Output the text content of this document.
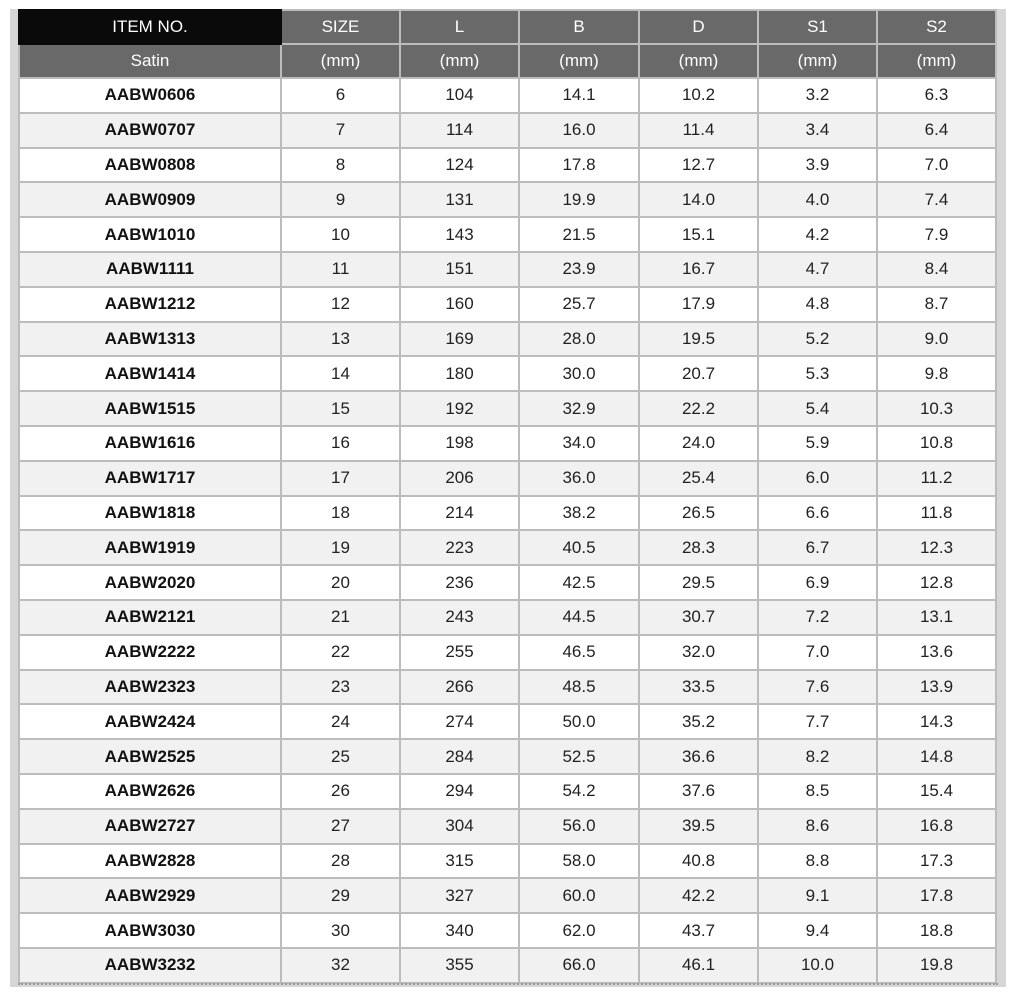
ITEM NO.	SIZE	L	B	D	S1	S2
Satin	(mm)	(mm)	(mm)	(mm)	(mm)	(mm)
AABW0606	6	104	14.1	10.2	3.2	6.3
AABW0707	7	114	16.0	11.4	3.4	6.4
AABW0808	8	124	17.8	12.7	3.9	7.0
AABW0909	9	131	19.9	14.0	4.0	7.4
AABW1010	10	143	21.5	15.1	4.2	7.9
AABW1111	11	151	23.9	16.7	4.7	8.4
AABW1212	12	160	25.7	17.9	4.8	8.7
AABW1313	13	169	28.0	19.5	5.2	9.0
AABW1414	14	180	30.0	20.7	5.3	9.8
AABW1515	15	192	32.9	22.2	5.4	10.3
AABW1616	16	198	34.0	24.0	5.9	10.8
AABW1717	17	206	36.0	25.4	6.0	11.2
AABW1818	18	214	38.2	26.5	6.6	11.8
AABW1919	19	223	40.5	28.3	6.7	12.3
AABW2020	20	236	42.5	29.5	6.9	12.8
AABW2121	21	243	44.5	30.7	7.2	13.1
AABW2222	22	255	46.5	32.0	7.0	13.6
AABW2323	23	266	48.5	33.5	7.6	13.9
AABW2424	24	274	50.0	35.2	7.7	14.3
AABW2525	25	284	52.5	36.6	8.2	14.8
AABW2626	26	294	54.2	37.6	8.5	15.4
AABW2727	27	304	56.0	39.5	8.6	16.8
AABW2828	28	315	58.0	40.8	8.8	17.3
AABW2929	29	327	60.0	42.2	9.1	17.8
AABW3030	30	340	62.0	43.7	9.4	18.8
AABW3232	32	355	66.0	46.1	10.0	19.8
